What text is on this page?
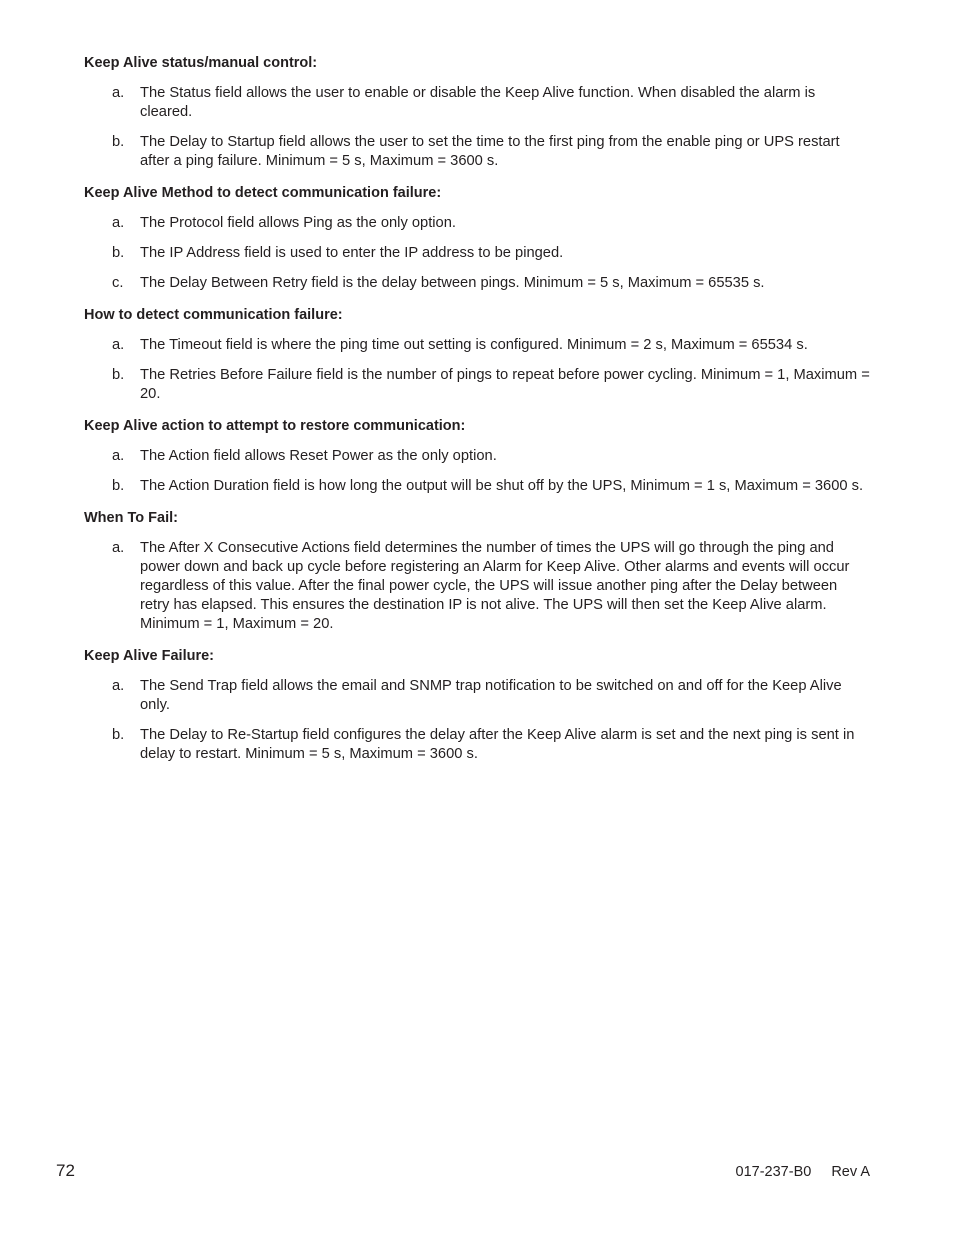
Keep Alive status/manual control:
a.	The Status field allows the user to enable or disable the Keep Alive function. When disabled the alarm is cleared.
b.	The Delay to Startup field allows the user to set the time to the first ping from the enable ping or UPS restart after a ping failure. Minimum = 5 s, Maximum = 3600 s.
Keep Alive Method to detect communication failure:
a.	The Protocol field allows Ping as the only option.
b.	The IP Address field is used to enter the IP address to be pinged.
c.	The Delay Between Retry field is the delay between pings. Minimum = 5 s, Maximum = 65535 s.
How to detect communication failure:
a.	The Timeout field is where the ping time out setting is configured. Minimum = 2 s, Maximum = 65534 s.
b.	The Retries Before Failure field is the number of pings to repeat before power cycling. Minimum = 1, Maximum = 20.
Keep Alive action to attempt to restore communication:
a.	The Action field allows Reset Power as the only option.
b.	The Action Duration field is how long the output will be shut off by the UPS, Minimum = 1 s, Maximum = 3600 s.
When To Fail:
a.	The After X Consecutive Actions field determines the number of times the UPS will go through the ping and power down and back up cycle before registering an Alarm for Keep Alive. Other alarms and events will occur regardless of this value. After the final power cycle, the UPS will issue another ping after the Delay between retry has elapsed. This ensures the destination IP is not alive. The UPS will then set the Keep Alive alarm. Minimum = 1, Maximum = 20.
Keep Alive Failure:
a.	The Send Trap field allows the email and SNMP trap notification to be switched on and off for the Keep Alive only.
b.	The Delay to Re-Startup field configures the delay after the Keep Alive alarm is set and the next ping is sent in delay to restart. Minimum = 5 s, Maximum = 3600 s.
72	017-237-B0 Rev A
